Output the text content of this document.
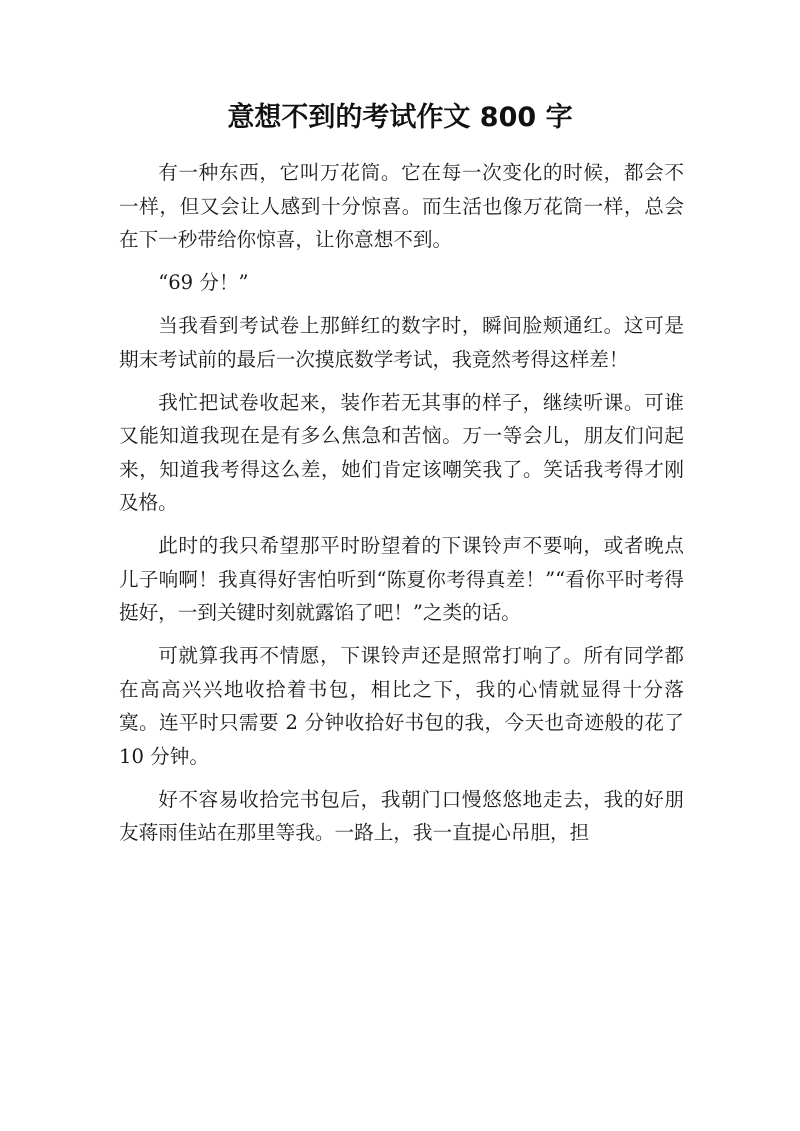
意想不到的考试作文 800 字

有一种东西，它叫万花筒。它在每一次变化的时候，都会不一样，但又会让人感到十分惊喜。而生活也像万花筒一样，总会在下一秒带给你惊喜，让你意想不到。

“69 分！”

当我看到考试卷上那鲜红的数字时，瞬间脸颊通红。这可是期末考试前的最后一次摸底数学考试，我竟然考得这样差！

我忙把试卷收起来，装作若无其事的样子，继续听课。可谁又能知道我现在是有多么焦急和苦恼。万一等会儿，朋友们问起来，知道我考得这么差，她们肯定该嘲笑我了。笑话我考得才刚及格。

此时的我只希望那平时盼望着的下课铃声不要响，或者晚点儿子响啊！我真得好害怕听到“陈夏你考得真差！”“看你平时考得挺好，一到关键时刻就露馅了吧！”之类的话。

可就算我再不情愿，下课铃声还是照常打响了。所有同学都在高高兴兴地收拾着书包，相比之下，我的心情就显得十分落寞。连平时只需要 2 分钟收拾好书包的我，今天也奇迹般的花了 10 分钟。

好不容易收拾完书包后，我朝门口慢悠悠地走去，我的好朋友蒋雨佳站在那里等我。一路上，我一直提心吊胆，担
